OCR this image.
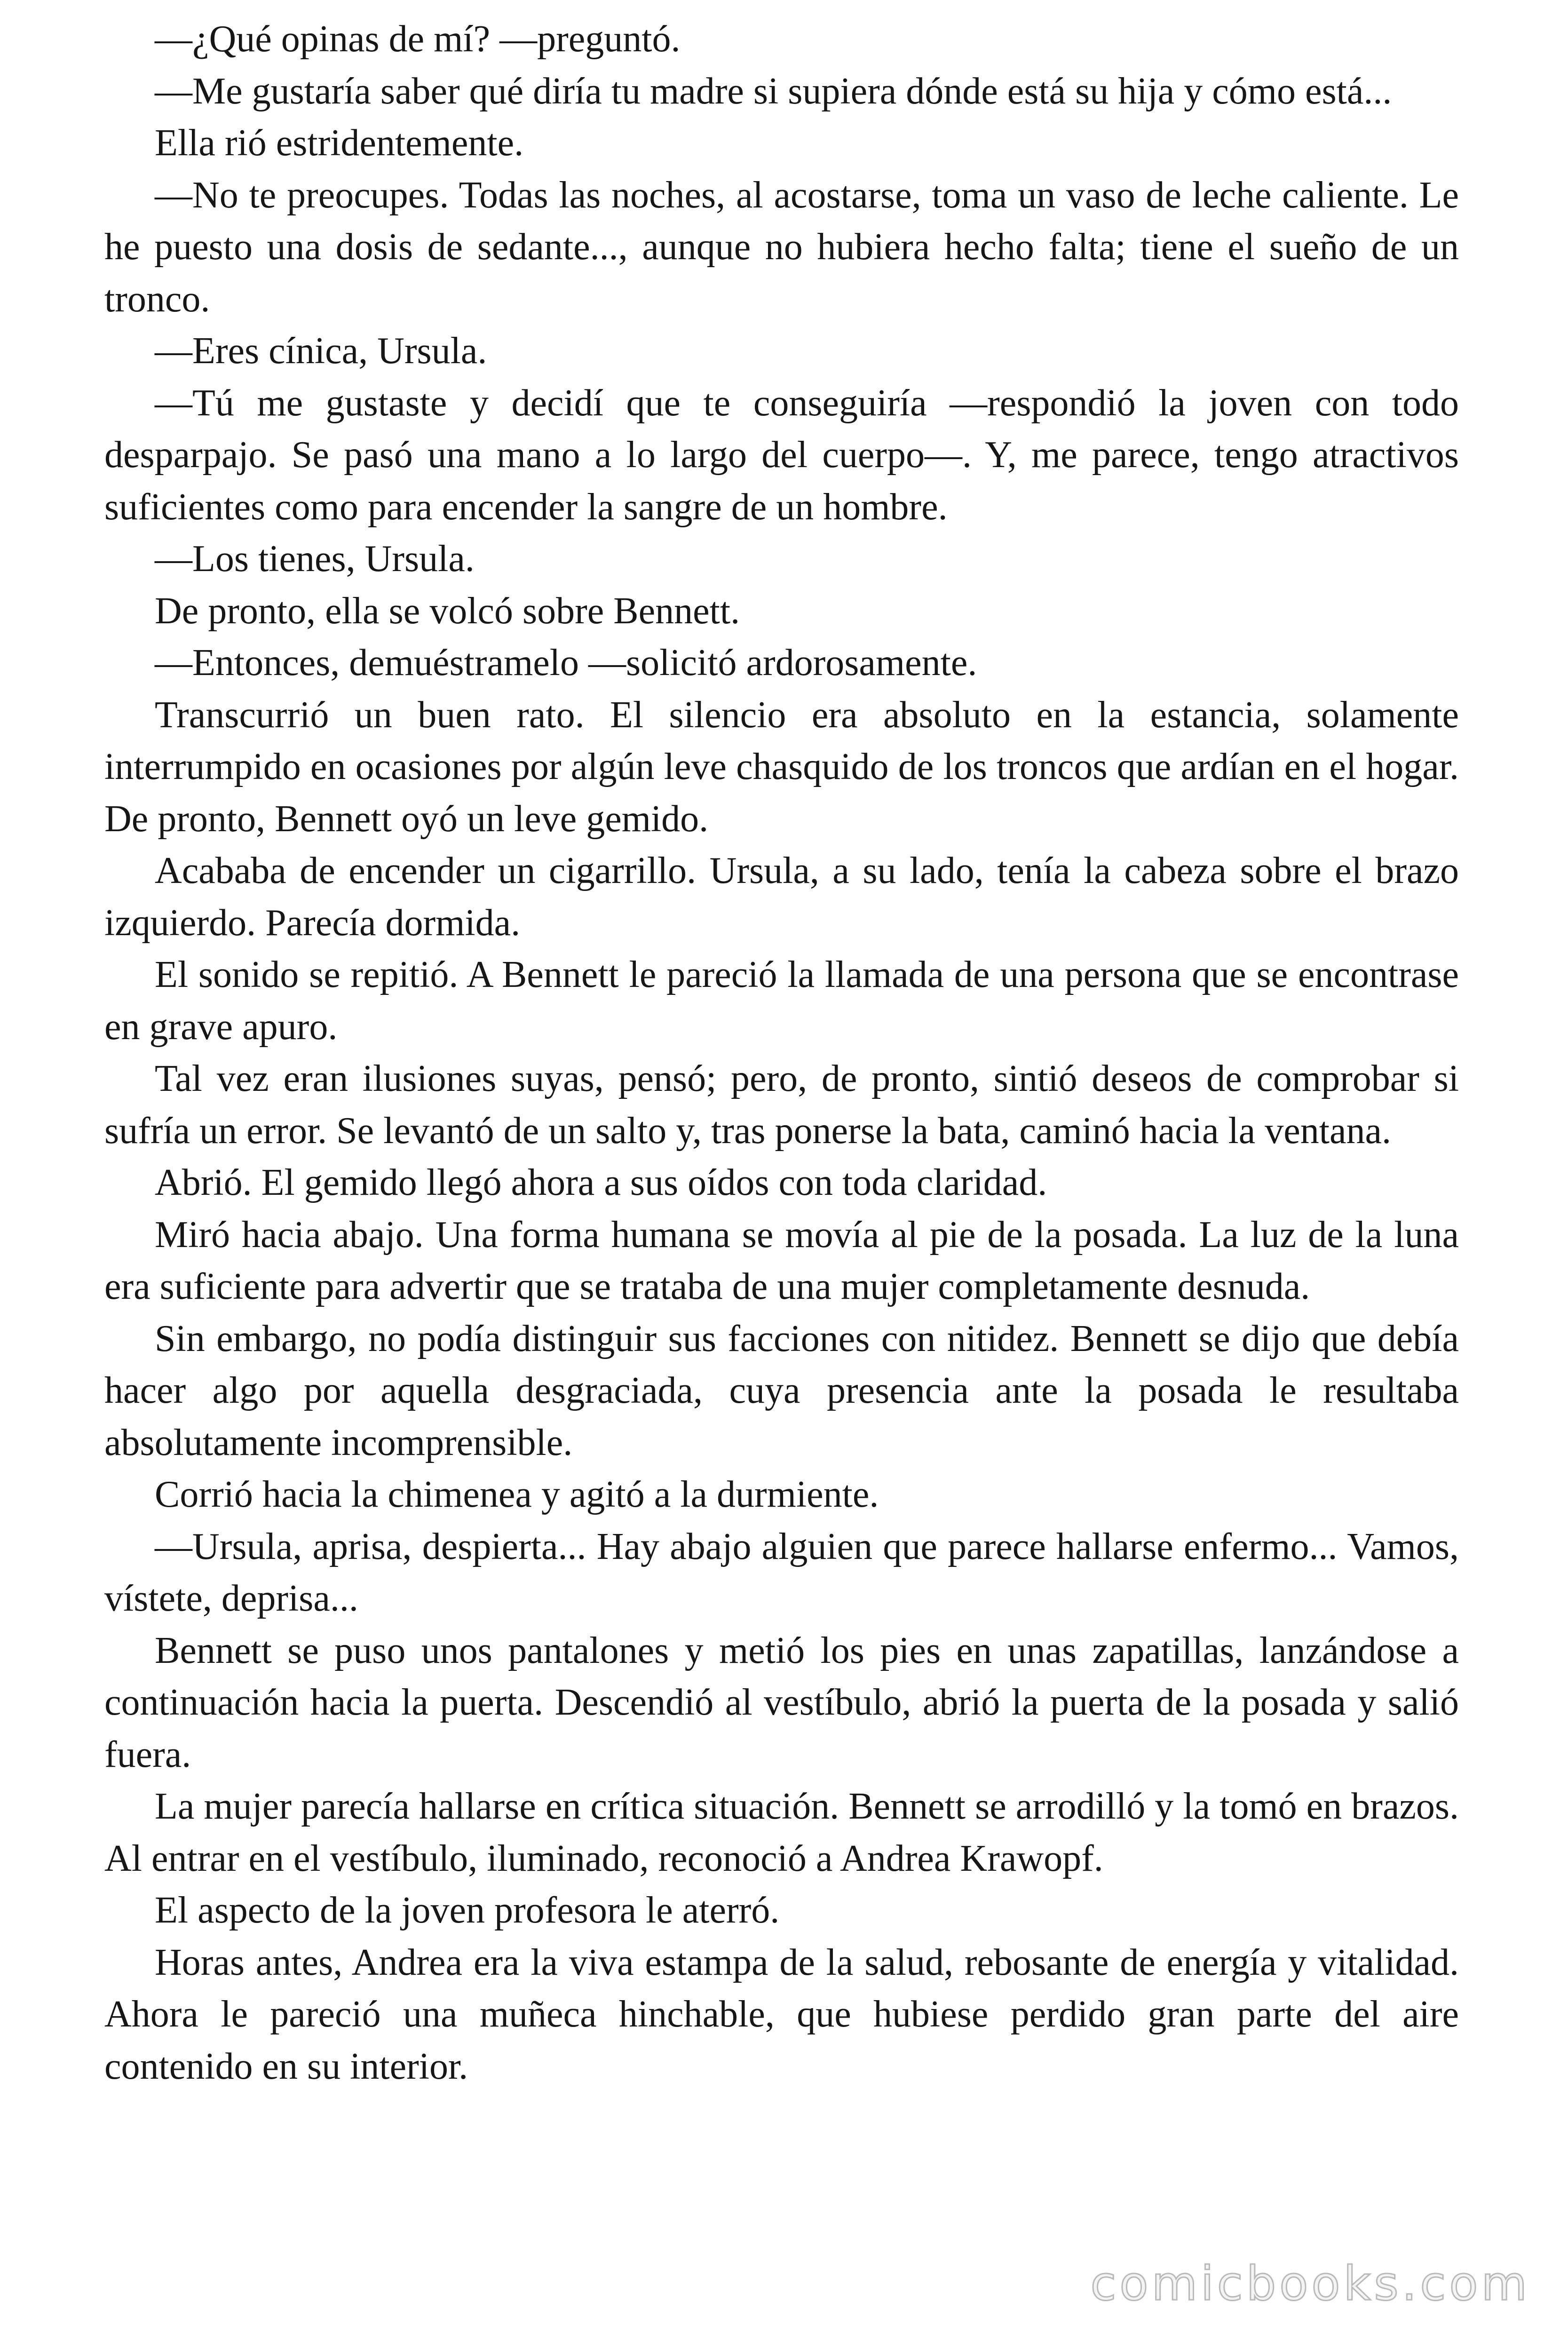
—¿Qué opinas de mí? —preguntó.

—Me gustaría saber qué diría tu madre si supiera dónde está su hija y cómo está...

Ella rió estridentemente.

—No te preocupes. Todas las noches, al acostarse, toma un vaso de leche caliente. Le he puesto una dosis de sedante..., aunque no hubiera hecho falta; tiene el sueño de un tronco.

—Eres cínica, Ursula.

—Tú me gustaste y decidí que te conseguiría —respondió la joven con todo desparpajo. Se pasó una mano a lo largo del cuerpo—. Y, me parece, tengo atractivos suficientes como para encender la sangre de un hombre.

—Los tienes, Ursula.

De pronto, ella se volcó sobre Bennett.

—Entonces, demuéstramelo —solicitó ardorosamente.

Transcurrió un buen rato. El silencio era absoluto en la estancia, solamente interrumpido en ocasiones por algún leve chasquido de los troncos que ardían en el hogar. De pronto, Bennett oyó un leve gemido.

Acababa de encender un cigarrillo. Ursula, a su lado, tenía la cabeza sobre el brazo izquierdo. Parecía dormida.

El sonido se repitió. A Bennett le pareció la llamada de una persona que se encontrase en grave apuro.

Tal vez eran ilusiones suyas, pensó; pero, de pronto, sintió deseos de comprobar si sufría un error. Se levantó de un salto y, tras ponerse la bata, caminó hacia la ventana.

Abrió. El gemido llegó ahora a sus oídos con toda claridad.

Miró hacia abajo. Una forma humana se movía al pie de la posada. La luz de la luna era suficiente para advertir que se trataba de una mujer completamente desnuda.

Sin embargo, no podía distinguir sus facciones con nitidez. Bennett se dijo que debía hacer algo por aquella desgraciada, cuya presencia ante la posada le resultaba absolutamente incomprensible.

Corrió hacia la chimenea y agitó a la durmiente.

—Ursula, aprisa, despierta... Hay abajo alguien que parece hallarse enfermo... Vamos, vístete, deprisa...

Bennett se puso unos pantalones y metió los pies en unas zapatillas, lanzándose a continuación hacia la puerta. Descendió al vestíbulo, abrió la puerta de la posada y salió fuera.

La mujer parecía hallarse en crítica situación. Bennett se arrodilló y la tomó en brazos. Al entrar en el vestíbulo, iluminado, reconoció a Andrea Krawopf.

El aspecto de la joven profesora le aterró.

Horas antes, Andrea era la viva estampa de la salud, rebosante de energía y vitalidad. Ahora le pareció una muñeca hinchable, que hubiese perdido gran parte del aire contenido en su interior.

comicbooks.com
